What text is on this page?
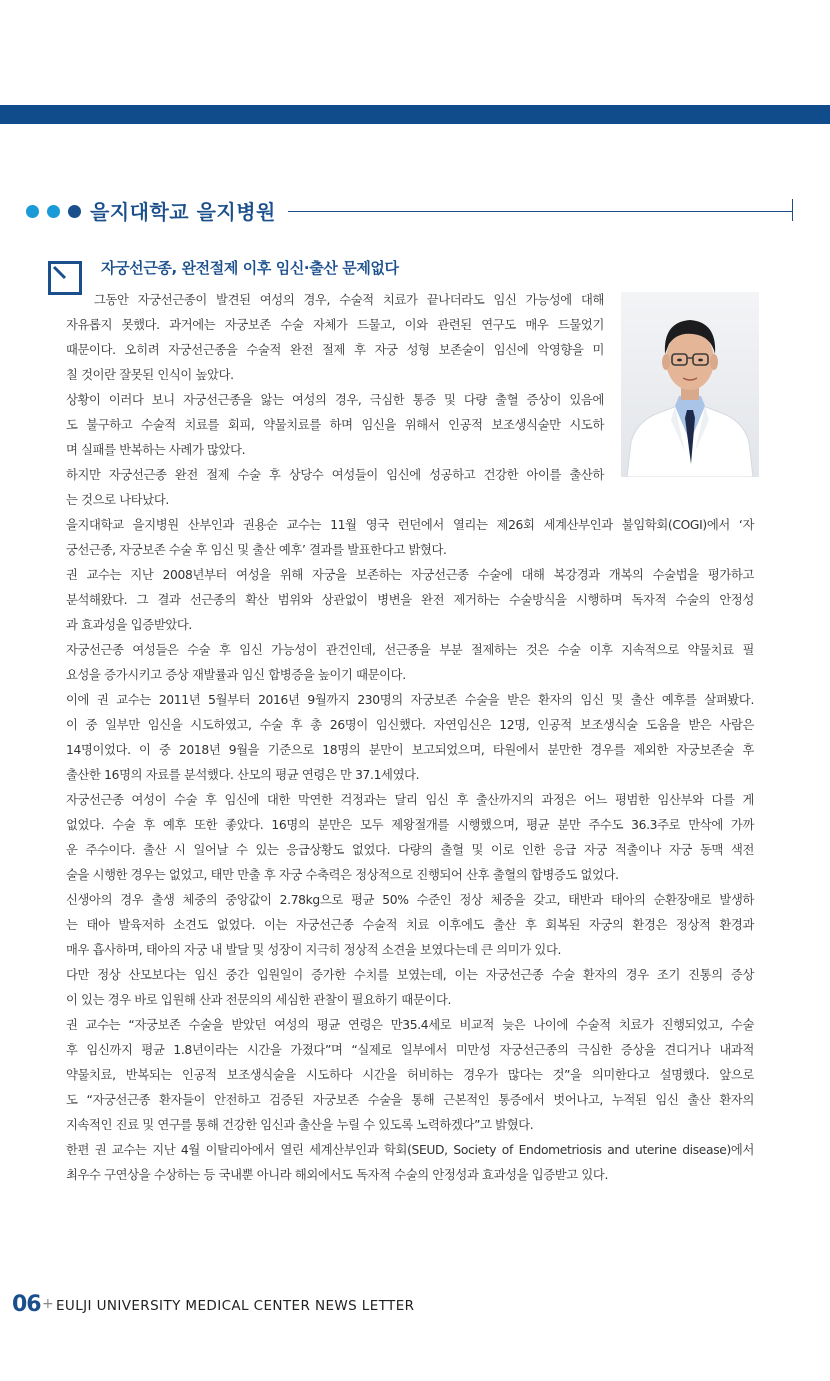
을지대학교 을지병원
자궁선근종, 완전절제 이후 임신·출산 문제없다
그동안 자궁선근종이 발견된 여성의 경우, 수술적 치료가 끝나더라도 임신 가능성에 대해
자유롭지 못했다. 과거에는 자궁보존 수술 자체가 드물고, 이와 관련된 연구도 매우 드물었기
때문이다. 오히려 자궁선근종을 수술적 완전 절제 후 자궁 성형 보존술이 임신에 악영향을 미
칠 것이란 잘못된 인식이 높았다.
상황이 이러다 보니 자궁선근종을 앓는 여성의 경우, 극심한 통증 및 다량 출혈 증상이 있음에
도 불구하고 수술적 치료를 회피, 약물치료를 하며 임신을 위해서 인공적 보조생식술만 시도하
며 실패를 반복하는 사례가 많았다.
하지만 자궁선근종 완전 절제 수술 후 상당수 여성들이 임신에 성공하고 건강한 아이를 출산하
는 것으로 나타났다.
을지대학교 을지병원 산부인과 권용순 교수는 11월 영국 런던에서 열리는 제26회 세계산부인과 불임학회(COGI)에서 ‘자
궁선근종, 자궁보존 수술 후 임신 및 출산 예후’ 결과를 발표한다고 밝혔다.
권 교수는 지난 2008년부터 여성을 위해 자궁을 보존하는 자궁선근종 수술에 대해 복강경과 개복의 수술법을 평가하고
분석해왔다. 그 결과 선근종의 확산 범위와 상관없이 병변을 완전 제거하는 수술방식을 시행하며 독자적 수술의 안정성
과 효과성을 입증받았다.
자궁선근종 여성들은 수술 후 임신 가능성이 관건인데, 선근종을 부분 절제하는 것은 수술 이후 지속적으로 약물치료 필
요성을 증가시키고 증상 재발률과 임신 합병증을 높이기 때문이다.
이에 권 교수는 2011년 5월부터 2016년 9월까지 230명의 자궁보존 수술을 받은 환자의 임신 및 출산 예후를 살펴봤다.
이 중 일부만 임신을 시도하였고, 수술 후 총 26명이 임신했다. 자연임신은 12명, 인공적 보조생식술 도움을 받은 사람은
14명이었다. 이 중 2018년 9월을 기준으로 18명의 분만이 보고되었으며, 타원에서 분만한 경우를 제외한 자궁보존술 후
출산한 16명의 자료를 분석했다. 산모의 평균 연령은 만 37.1세였다.
자궁선근종 여성이 수술 후 임신에 대한 막연한 걱정과는 달리 임신 후 출산까지의 과정은 어느 평범한 임산부와 다를 게
없었다. 수술 후 예후 또한 좋았다. 16명의 분만은 모두 제왕절개를 시행했으며, 평균 분만 주수도 36.3주로 만삭에 가까
운 주수이다. 출산 시 일어날 수 있는 응급상황도 없었다. 다량의 출혈 및 이로 인한 응급 자궁 적출이나 자궁 동맥 색전
술을 시행한 경우는 없었고, 태만 만출 후 자궁 수축력은 정상적으로 진행되어 산후 출혈의 합병증도 없었다.
신생아의 경우 출생 체중의 중앙값이 2.78kg으로 평균 50% 수준인 정상 체중을 갖고, 태반과 태아의 순환장애로 발생하
는 태아 발육저하 소견도 없었다. 이는 자궁선근종 수술적 치료 이후에도 출산 후 회복된 자궁의 환경은 정상적 환경과
매우 흡사하며, 태아의 자궁 내 발달 및 성장이 지극히 정상적 소견을 보였다는데 큰 의미가 있다.
다만 정상 산모보다는 임신 중간 입원일이 증가한 수치를 보였는데, 이는 자궁선근종 수술 환자의 경우 조기 진통의 증상
이 있는 경우 바로 입원해 산과 전문의의 세심한 관찰이 필요하기 때문이다.
권 교수는 “자궁보존 수술을 받았던 여성의 평균 연령은 만35.4세로 비교적 늦은 나이에 수술적 치료가 진행되었고, 수술
후 임신까지 평균 1.8년이라는 시간을 가졌다”며 “실제로 일부에서 미만성 자궁선근종의 극심한 증상을 견디거나 내과적
약물치료, 반복되는 인공적 보조생식술을 시도하다 시간을 허비하는 경우가 많다는 것”을 의미한다고 설명했다. 앞으로
도 “자궁선근종 환자들이 안전하고 검증된 자궁보존 수술을 통해 근본적인 통증에서 벗어나고, 누적된 임신 출산 환자의
지속적인 진료 및 연구를 통해 건강한 임신과 출산을 누릴 수 있도록 노력하겠다”고 밝혔다.
한편 권 교수는 지난 4월 이탈리아에서 열린 세계산부인과 학회(SEUD, Society of Endometriosis and uterine disease)에서
최우수 구연상을 수상하는 등 국내뿐 아니라 해외에서도 독자적 수술의 안정성과 효과성을 입증받고 있다.
06 + EULJI UNIVERSITY MEDICAL CENTER NEWS LETTER
